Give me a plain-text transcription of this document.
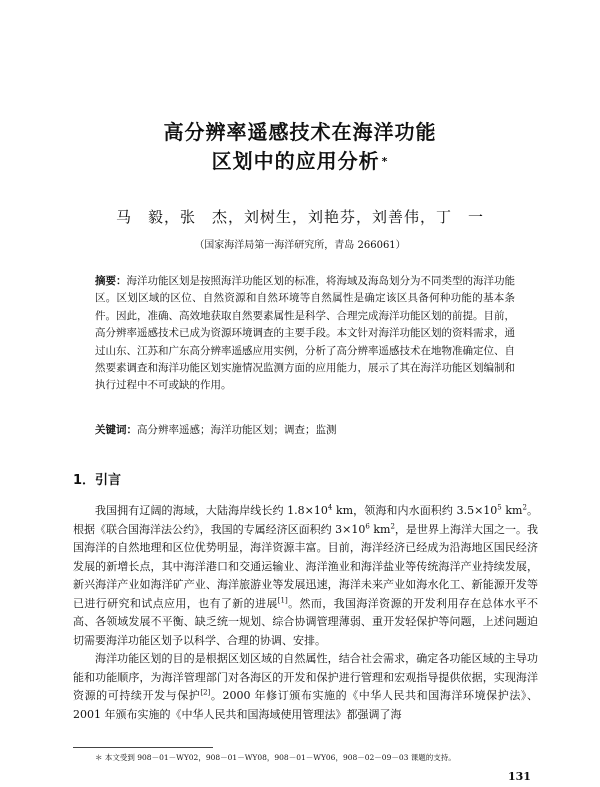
高分辨率遥感技术在海洋功能
区划中的应用分析 *
马　毅，张　杰，刘树生，刘艳芬，刘善伟，丁　一
（国家海洋局第一海洋研究所，青岛 266061）
摘要：海洋功能区划是按照海洋功能区划的标准，将海域及海岛划分为不同类型的海洋功能区。区划区域的区位、自然资源和自然环境等自然属性是确定该区具备何种功能的基本条件。因此，准确、高效地获取自然要素属性是科学、合理完成海洋功能区划的前提。目前，高分辨率遥感技术已成为资源环境调查的主要手段。本文针对海洋功能区划的资料需求，通过山东、江苏和广东高分辨率遥感应用实例，分析了高分辨率遥感技术在地物准确定位、自然要素调查和海洋功能区划实施情况监测方面的应用能力，展示了其在海洋功能区划编制和执行过程中不可或缺的作用。
关键词：高分辨率遥感；海洋功能区划；调查；监测
1．引言

我国拥有辽阔的海域，大陆海岸线长约 $1.8\times 10^4$ km，领海和内水面积约 $3.5\times 10^5$ $km^2$。根据《联合国海洋法公约》，我国的专属经济区面积约 $3\times 10^6$ $km^2$，是世界上海洋大国之一。我国海洋的自然地理和区位优势明显，海洋资源丰富。目前，海洋经济已经成为沿海地区国民经济发展的新增长点，其中海洋港口和交通运输业、海洋渔业和海洋盐业等传统海洋产业持续发展，新兴海洋产业如海洋矿产业、海洋旅游业等发展迅速，海洋未来产业如海水化工、新能源开发等已进行研究和试点应用，也有了新的进展[1]。然而，我国海洋资源的开发利用存在总体水平不高、各领域发展不平衡、缺乏统一规划、综合协调管理薄弱、重开发轻保护等问题，上述问题迫切需要海洋功能区划予以科学、合理的协调、安排。

海洋功能区划的目的是根据区划区域的自然属性，结合社会需求，确定各功能区域的主导功能和功能顺序，为海洋管理部门对各海区的开发和保护进行管理和宏观指导提供依据，实现海洋资源的可持续开发与保护[2]。2000 年修订颁布实施的《中华人民共和国海洋环境保护法》、2001 年颁布实施的《中华人民共和国海域使用管理法》都强调了海

＊ 本文受到 908－01－WY02，908－01－WY08，908－01－WY06，908－02－09－03 课题的支持。
131
